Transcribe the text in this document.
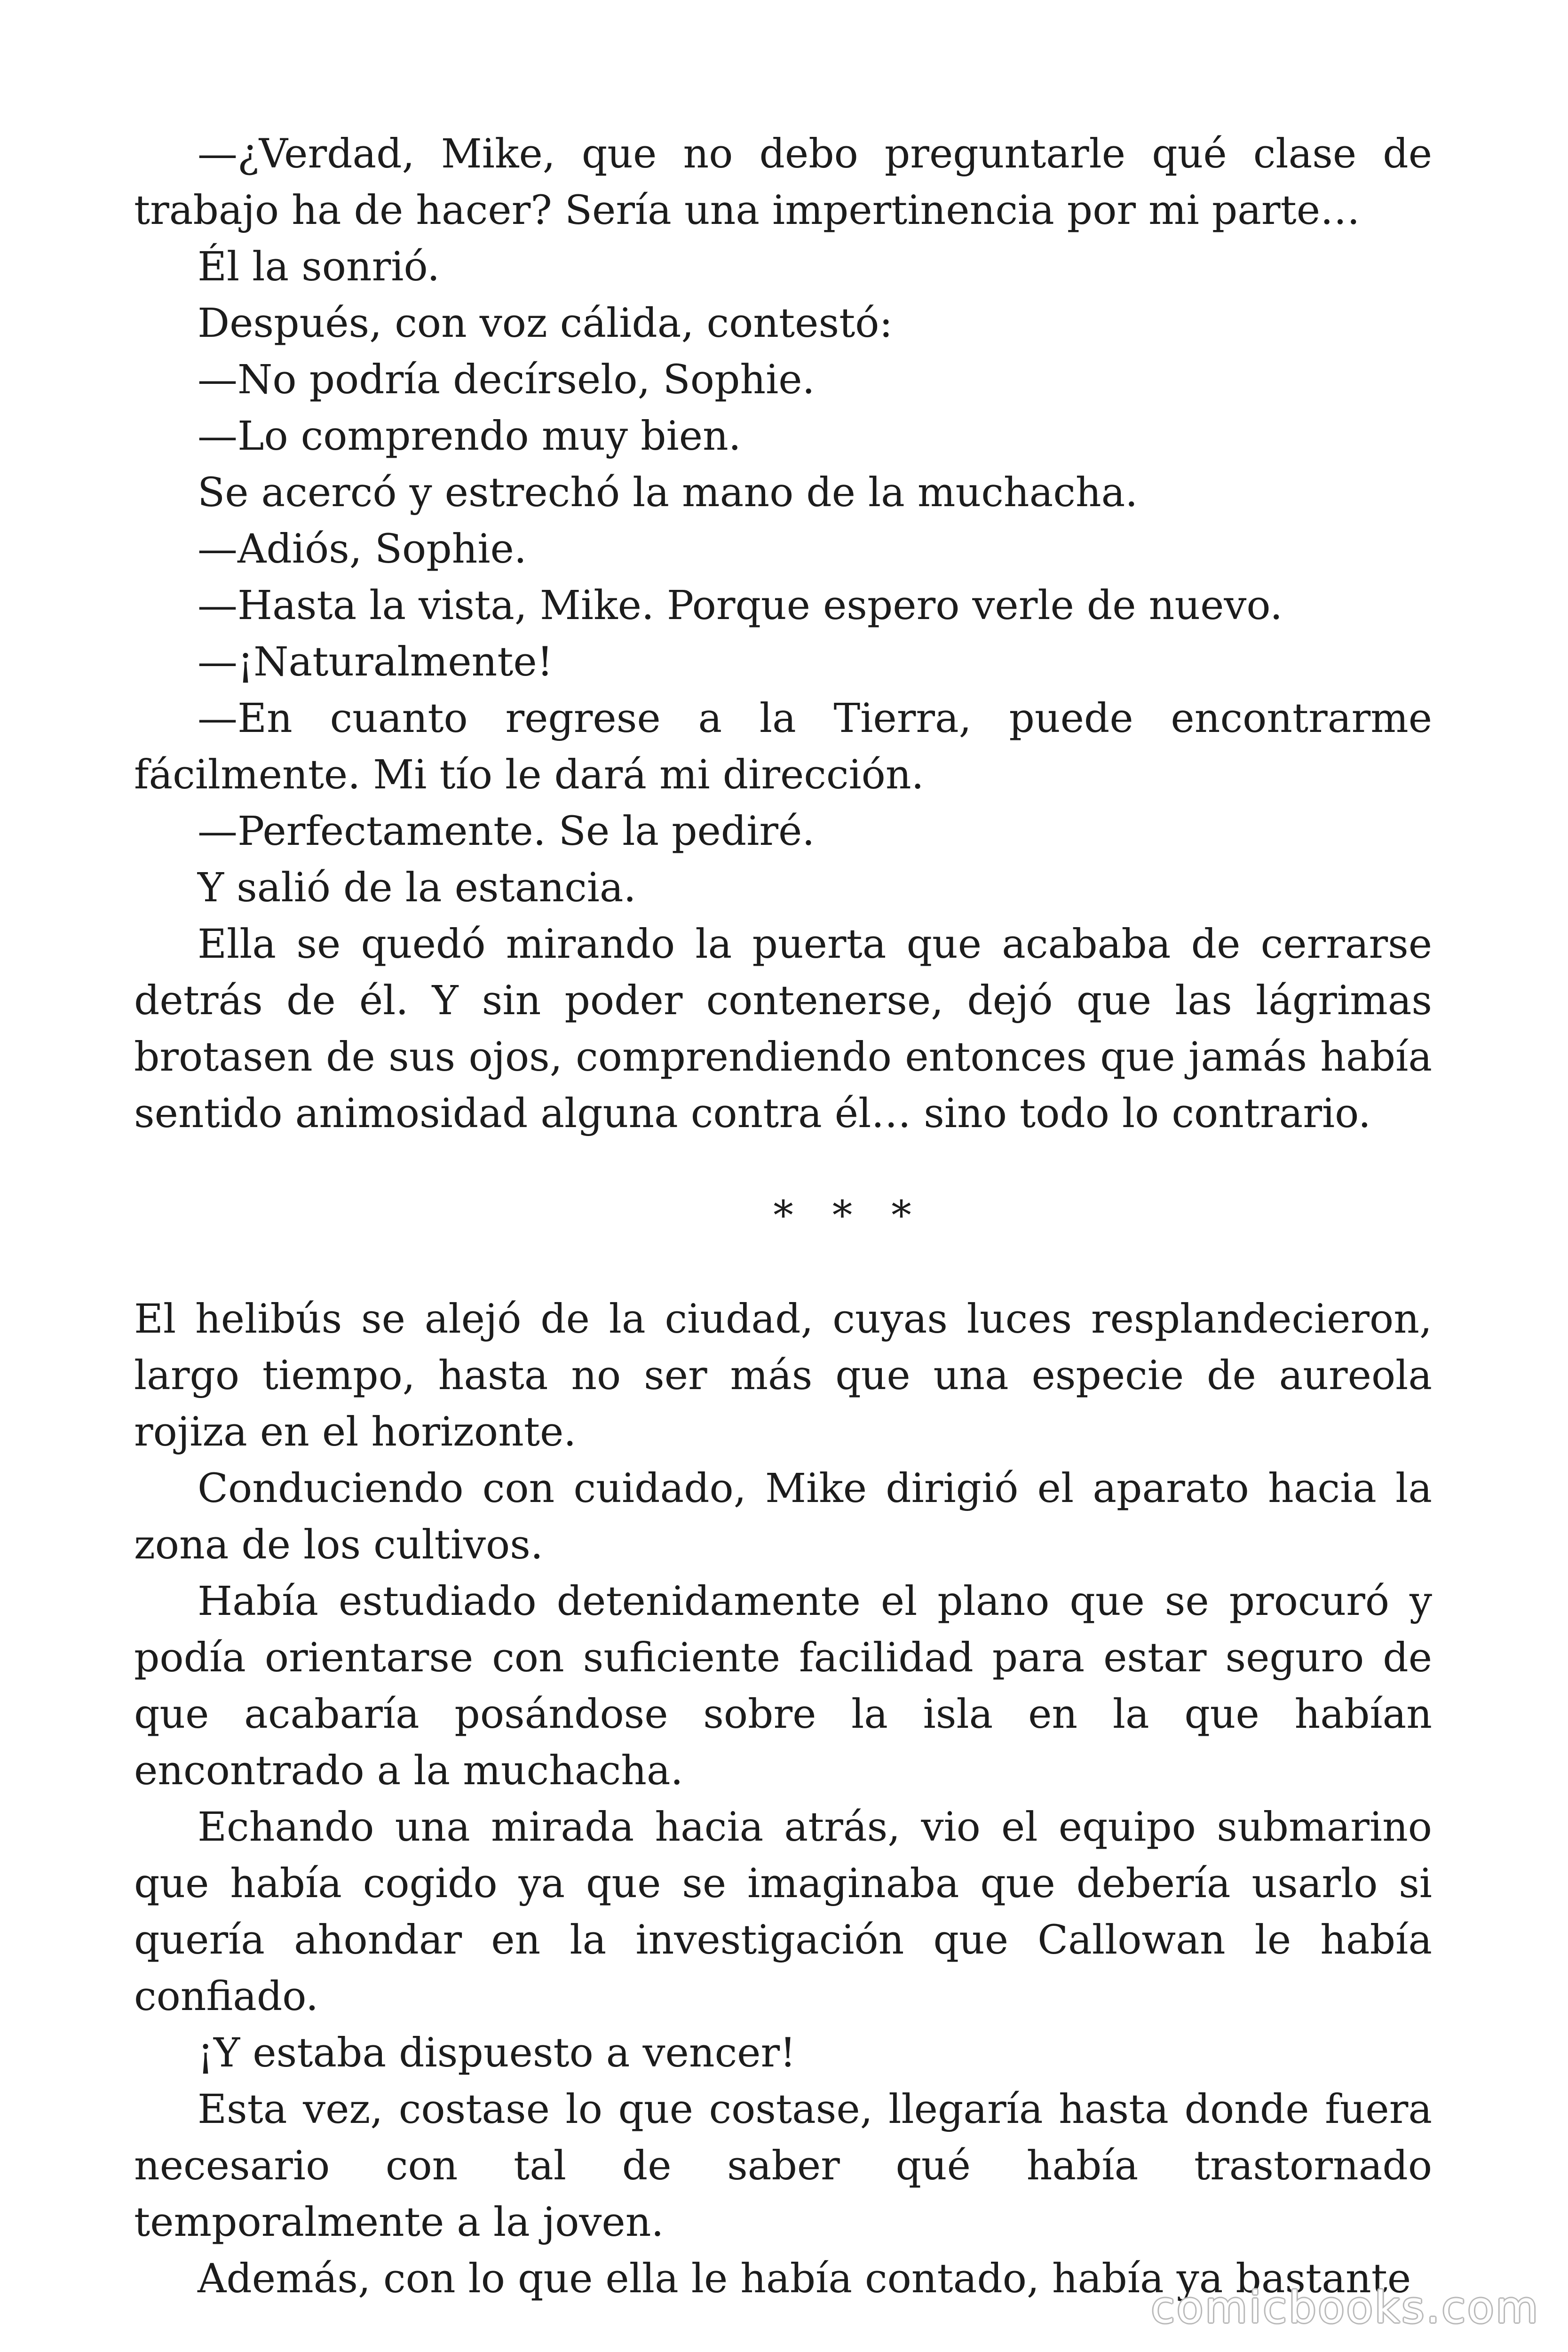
—¿Verdad, Mike, que no debo preguntarle qué clase de trabajo ha de hacer? Sería una impertinencia por mi parte…

Él la sonrió.

Después, con voz cálida, contestó:

—No podría decírselo, Sophie.

—Lo comprendo muy bien.

Se acercó y estrechó la mano de la muchacha.

—Adiós, Sophie.

—Hasta la vista, Mike. Porque espero verle de nuevo.

—¡Naturalmente!

—En cuanto regrese a la Tierra, puede encontrarme fácilmente. Mi tío le dará mi dirección.

—Perfectamente. Se la pediré.

Y salió de la estancia.

Ella se quedó mirando la puerta que acababa de cerrarse detrás de él. Y sin poder contenerse, dejó que las lágrimas brotasen de sus ojos, comprendiendo entonces que jamás había sentido animosidad alguna contra él… sino todo lo contrario.

* * *

El helibús se alejó de la ciudad, cuyas luces resplandecieron, largo tiempo, hasta no ser más que una especie de aureola rojiza en el horizonte.

Conduciendo con cuidado, Mike dirigió el aparato hacia la zona de los cultivos.

Había estudiado detenidamente el plano que se procuró y podía orientarse con suficiente facilidad para estar seguro de que acabaría posándose sobre la isla en la que habían encontrado a la muchacha.

Echando una mirada hacia atrás, vio el equipo submarino que había cogido ya que se imaginaba que debería usarlo si quería ahondar en la investigación que Callowan le había confiado.

¡Y estaba dispuesto a vencer!

Esta vez, costase lo que costase, llegaría hasta donde fuera necesario con tal de saber qué había trastornado temporalmente a la joven.

Además, con lo que ella le había contado, había ya bastante

comicbooks.com
